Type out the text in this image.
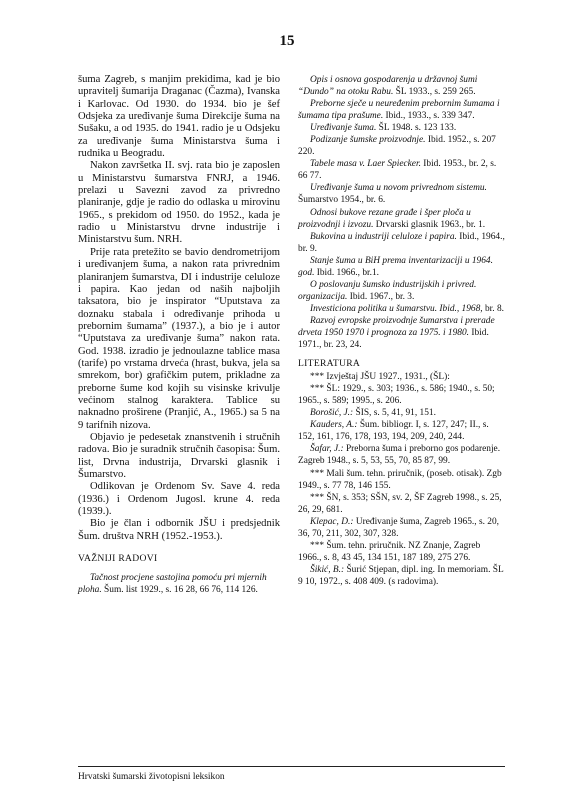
15

šuma Zagreb, s manjim prekidima, kad je bio upravitelj šumarija Draganac (Čazma), Ivanska i Karlovac. Od 1930. do 1934. bio je šef Odsjeka za uređivanje šuma Direkcije šuma na Sušaku, a od 1935. do 1941. radio je u Odsjeku za uređivanje šuma Ministarstva šuma i rudnika u Beogradu.

Nakon završetka II. svj. rata bio je zaposlen u Ministarstvu šumarstva FNRJ, a 1946. prelazi u Savezni zavod za privredno planiranje, gdje je radio do odlaska u mirovinu 1965., s prekidom od 1950. do 1952., kada je radio u Ministarstvu drvne industrije i Ministarstvu šum. NRH.

Prije rata pretežito se bavio dendrometrijom i uređivanjem šuma, a nakon rata privrednim planiranjem šumarstva, DI i industrije celuloze i papira. Kao jedan od naših najboljih taksatora, bio je inspirator “Uputstava za doznaku stabala i određivanje prihoda u prebornim šumama” (1937.), a bio je i autor “Uputstava za uređivanje šuma” nakon rata. God. 1938. izradio je jednoulazne tablice masa (tarife) po vrstama drveća (hrast, bukva, jela sa smrekom, bor) grafičkim putem, prikladne za preborne šume kod kojih su visinske krivulje većinom stalnog karaktera. Tablice su naknadno proširene (Pranjić, A., 1965.) sa 5 na 9 tarifnih nizova.

Objavio je pedesetak znanstvenih i stručnih radova. Bio je suradnik stručnih časopisa: Šum. list, Drvna industrija, Drvarski glasnik i Šumarstvo.

Odlikovan je Ordenom Sv. Save 4. reda (1936.) i Ordenom Jugosl. krune 4. reda (1939.).

Bio je član i odbornik JŠU i predsjednik Šum. društva NRH (1952.-1953.).

VAŽNIJI RADOVI

Tačnost procjene sastojina pomoću pri mjernih ploha. Šum. list 1929., s. 16 28, 66 76, 114 126.

Opis i osnova gospodarenja u državnoj šumi “Dundo” na otoku Rabu. ŠL 1933., s. 259 265.

Preborne sječe u neuređenim prebornim šumama i šumama tipa prašume. Ibid., 1933., s. 339 347.

Uređivanje šuma. ŠL 1948. s. 123 133.

Podizanje šumske proizvodnje. Ibid. 1952., s. 207 220.

Tabele masa v. Laer Spiecker. Ibid. 1953., br. 2, s. 66 77.

Uređivanje šuma u novom privrednom sistemu. Šumarstvo 1954., br. 6.

Odnosi bukove rezane građe i šper ploča u proizvodnji i izvozu. Drvarski glasnik 1963., br. 1.

Bukovina u industriji celuloze i papira. Ibid., 1964., br. 9.

Stanje šuma u BiH prema inventarizaciji u 1964. god. Ibid. 1966., br.1.

O poslovanju šumsko industrijskih i privred. organizacija. Ibid. 1967., br. 3.

Investiciona politika u šumarstvu. Ibid., 1968, br. 8.

Razvoj evropske proizvodnje šumarstva i prerade drveta 1950 1970 i prognoza za 1975. i 1980. Ibid. 1971., br. 23, 24.

LITERATURA

*** Izvještaj JŠU 1927., 1931., (ŠL):

*** ŠL: 1929., s. 303; 1936., s. 586; 1940., s. 50; 1965., s. 589; 1995., s. 206.

Borošić, J.: ŠIS, s. 5, 41, 91, 151.

Kauders, A.: Šum. bibliogr. I, s. 127, 247; II., s. 152, 161, 176, 178, 193, 194, 209, 240, 244.

Šafar, J.: Preborna šuma i preborno gos podarenje. Zagreb 1948., s. 5, 53, 55, 70, 85 87, 99.

*** Mali šum. tehn. priručnik, (poseb. otisak). Zgb 1949., s. 77 78, 146 155.

*** ŠN, s. 353; SŠN, sv. 2, ŠF Zagreb 1998., s. 25, 26, 29, 681.

Klepac, D.: Uređivanje šuma, Zagreb 1965., s. 20, 36, 70, 211, 302, 307, 328.

*** Šum. tehn. priručnik. NZ Znanje, Zagreb 1966., s. 8, 43 45, 134 151, 187 189, 275 276.

Šikić, B.: Šurić Stjepan, dipl. ing. In memoriam. ŠL 9 10, 1972., s. 408 409. (s radovima).

Hrvatski šumarski životopisni leksikon
